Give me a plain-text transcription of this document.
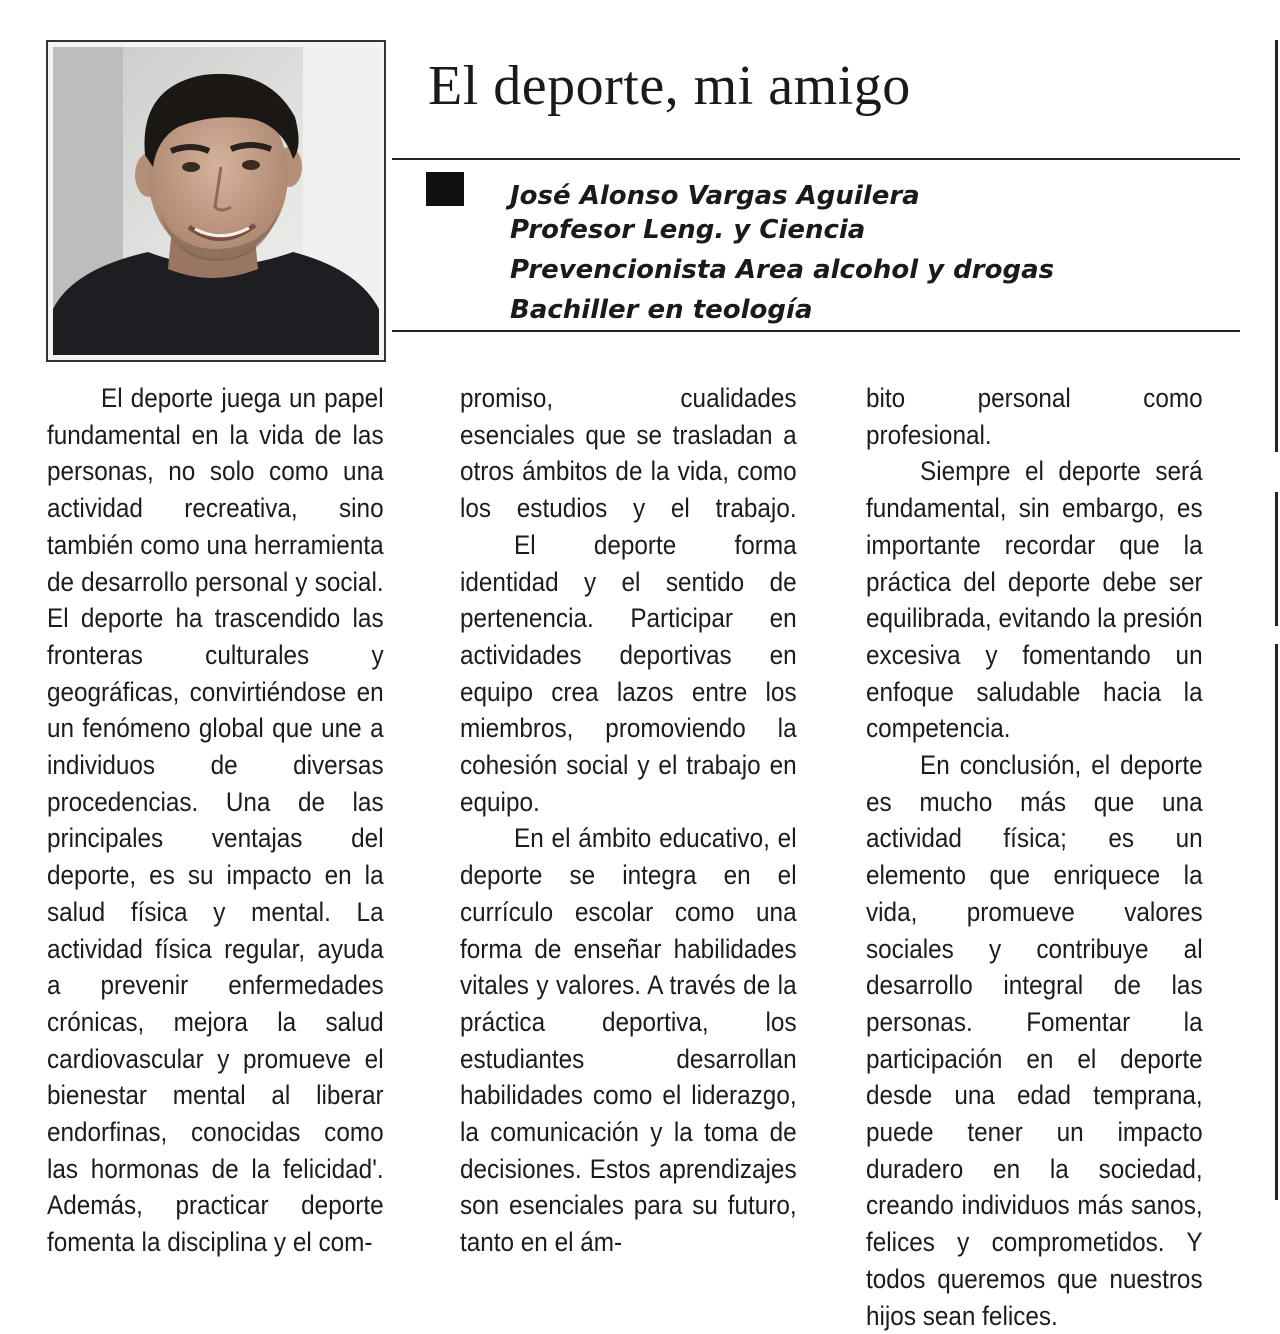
El deporte, mi amigo
José Alonso Vargas Aguilera
Profesor Leng. y Ciencia
Prevencionista Area alcohol y drogas
Bachiller en teología

El deporte juega un papel fundamental en la vida de las personas, no solo como una actividad recreativa, sino también como una herramienta de desarrollo personal y social. El deporte ha trascendido las fronteras culturales y geográficas, convirtiéndose en un fenómeno global que une a individuos de diversas procedencias. Una de las principales ventajas del deporte, es su impacto en la salud física y mental. La actividad física regular, ayuda a prevenir enfermedades crónicas, mejora la salud cardiovascular y promueve el bienestar mental al liberar endorfinas, conocidas como las hormonas de la felicidad'. Además, practicar deporte fomenta la disciplina y el com-

promiso, cualidades esenciales que se trasladan a otros ámbitos de la vida, como los estudios y el trabajo.

El deporte forma identidad y el sentido de pertenencia. Participar en actividades deportivas en equipo crea lazos entre los miembros, promoviendo la cohesión social y el trabajo en equipo.

En el ámbito educativo, el deporte se integra en el currículo escolar como una forma de enseñar habilidades vitales y valores. A través de la práctica deportiva, los estudiantes desarrollan habilidades como el liderazgo, la comunicación y la toma de decisiones. Estos aprendizajes son esenciales para su futuro, tanto en el ám-

bito personal como profesional.

Siempre el deporte será fundamental, sin embargo, es importante recordar que la práctica del deporte debe ser equilibrada, evitando la presión excesiva y fomentando un enfoque saludable hacia la competencia.

En conclusión, el deporte es mucho más que una actividad física; es un elemento que enriquece la vida, promueve valores sociales y contribuye al desarrollo integral de las personas. Fomentar la participación en el deporte desde una edad temprana, puede tener un impacto duradero en la sociedad, creando individuos más sanos, felices y comprometidos. Y todos queremos que nuestros hijos sean felices.
